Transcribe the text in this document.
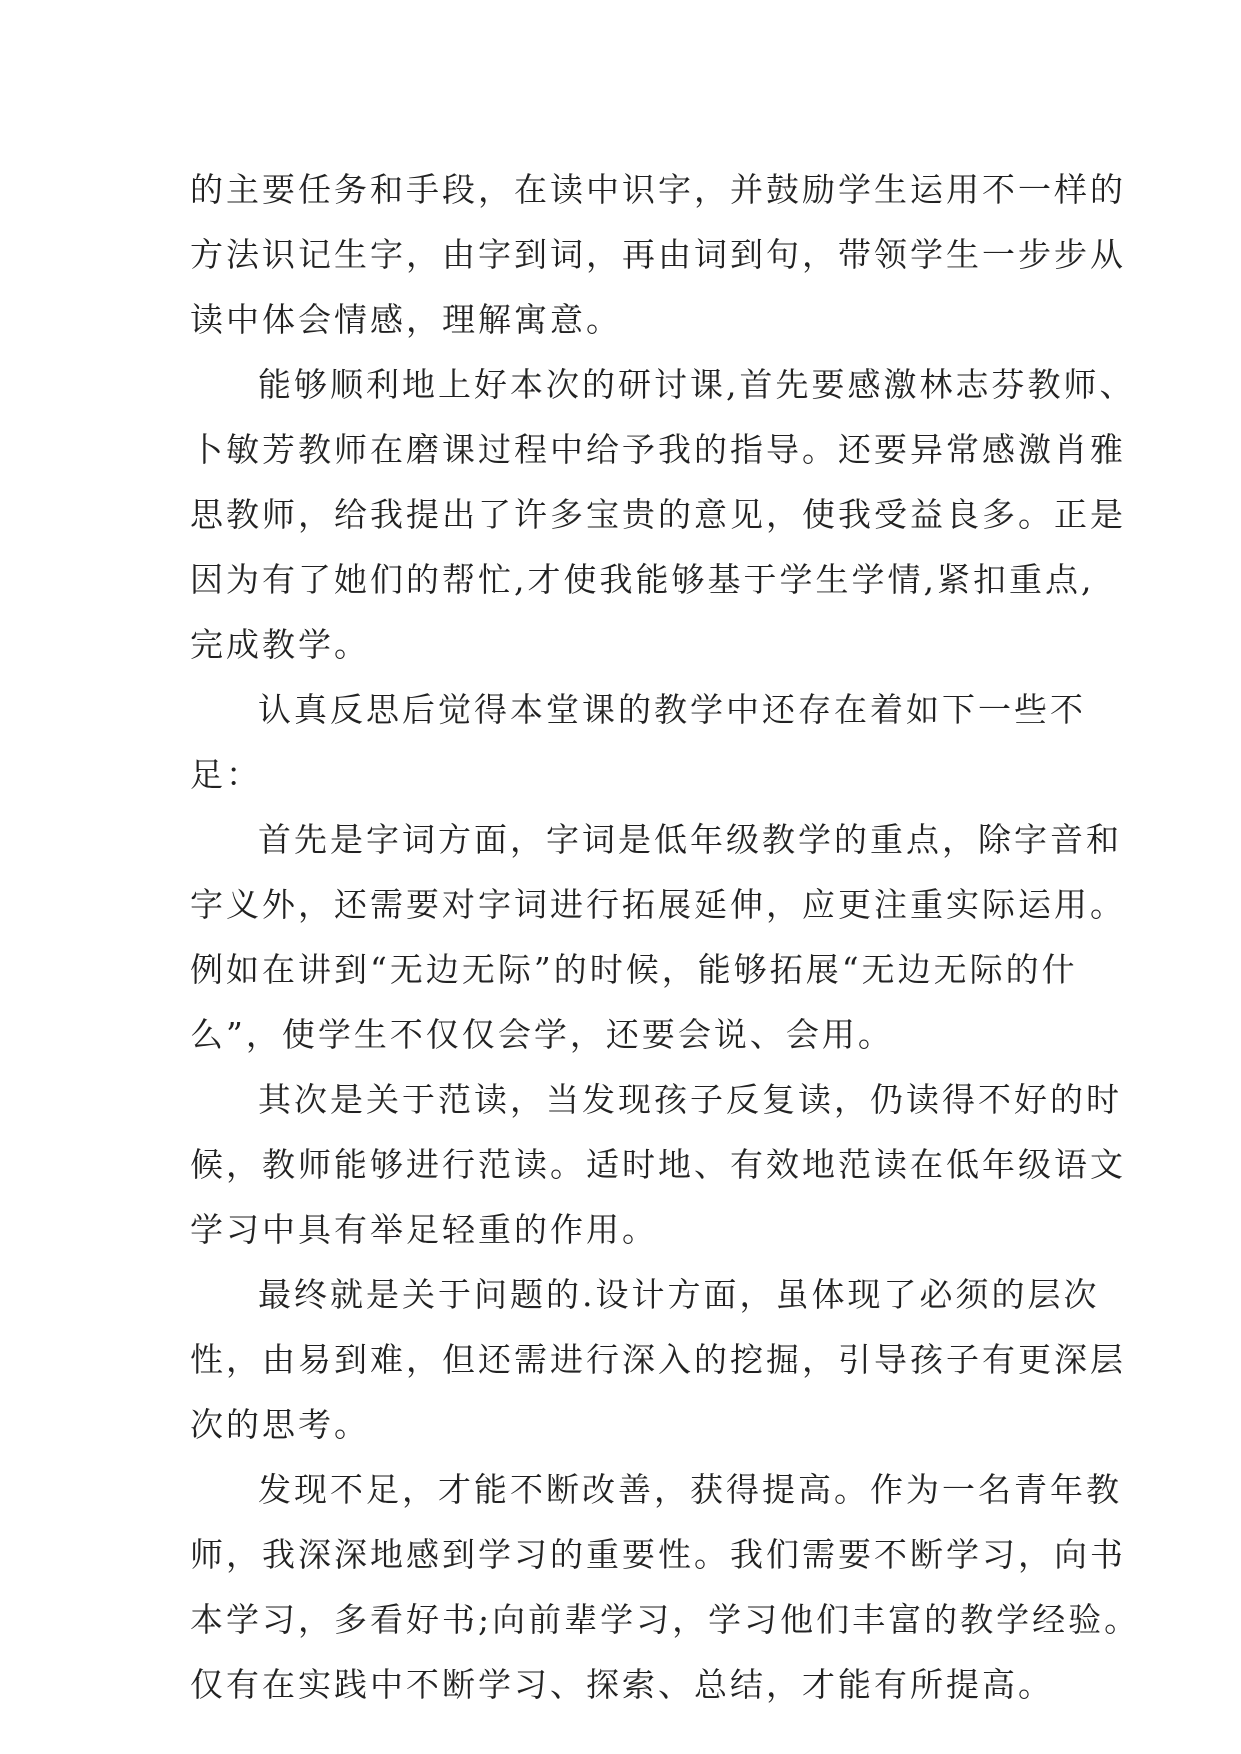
的主要任务和手段，在读中识字，并鼓励学生运用不一样的
方法识记生字，由字到词，再由词到句，带领学生一步步从
读中体会情感，理解寓意。
能够顺利地上好本次的研讨课,首先要感激林志芬教师、
卜敏芳教师在磨课过程中给予我的指导。还要异常感激肖雅
思教师，给我提出了许多宝贵的意见，使我受益良多。正是
因为有了她们的帮忙,才使我能够基于学生学情,紧扣重点,
完成教学。
认真反思后觉得本堂课的教学中还存在着如下一些不
足：
首先是字词方面，字词是低年级教学的重点，除字音和
字义外，还需要对字词进行拓展延伸，应更注重实际运用。
例如在讲到“无边无际”的时候，能够拓展“无边无际的什
么”，使学生不仅仅会学，还要会说、会用。
其次是关于范读，当发现孩子反复读，仍读得不好的时
候，教师能够进行范读。适时地、有效地范读在低年级语文
学习中具有举足轻重的作用。
最终就是关于问题的.设计方面，虽体现了必须的层次
性，由易到难，但还需进行深入的挖掘，引导孩子有更深层
次的思考。
发现不足，才能不断改善，获得提高。作为一名青年教
师，我深深地感到学习的重要性。我们需要不断学习，向书
本学习，多看好书;向前辈学习，学习他们丰富的教学经验。
仅有在实践中不断学习、探索、总结，才能有所提高。
